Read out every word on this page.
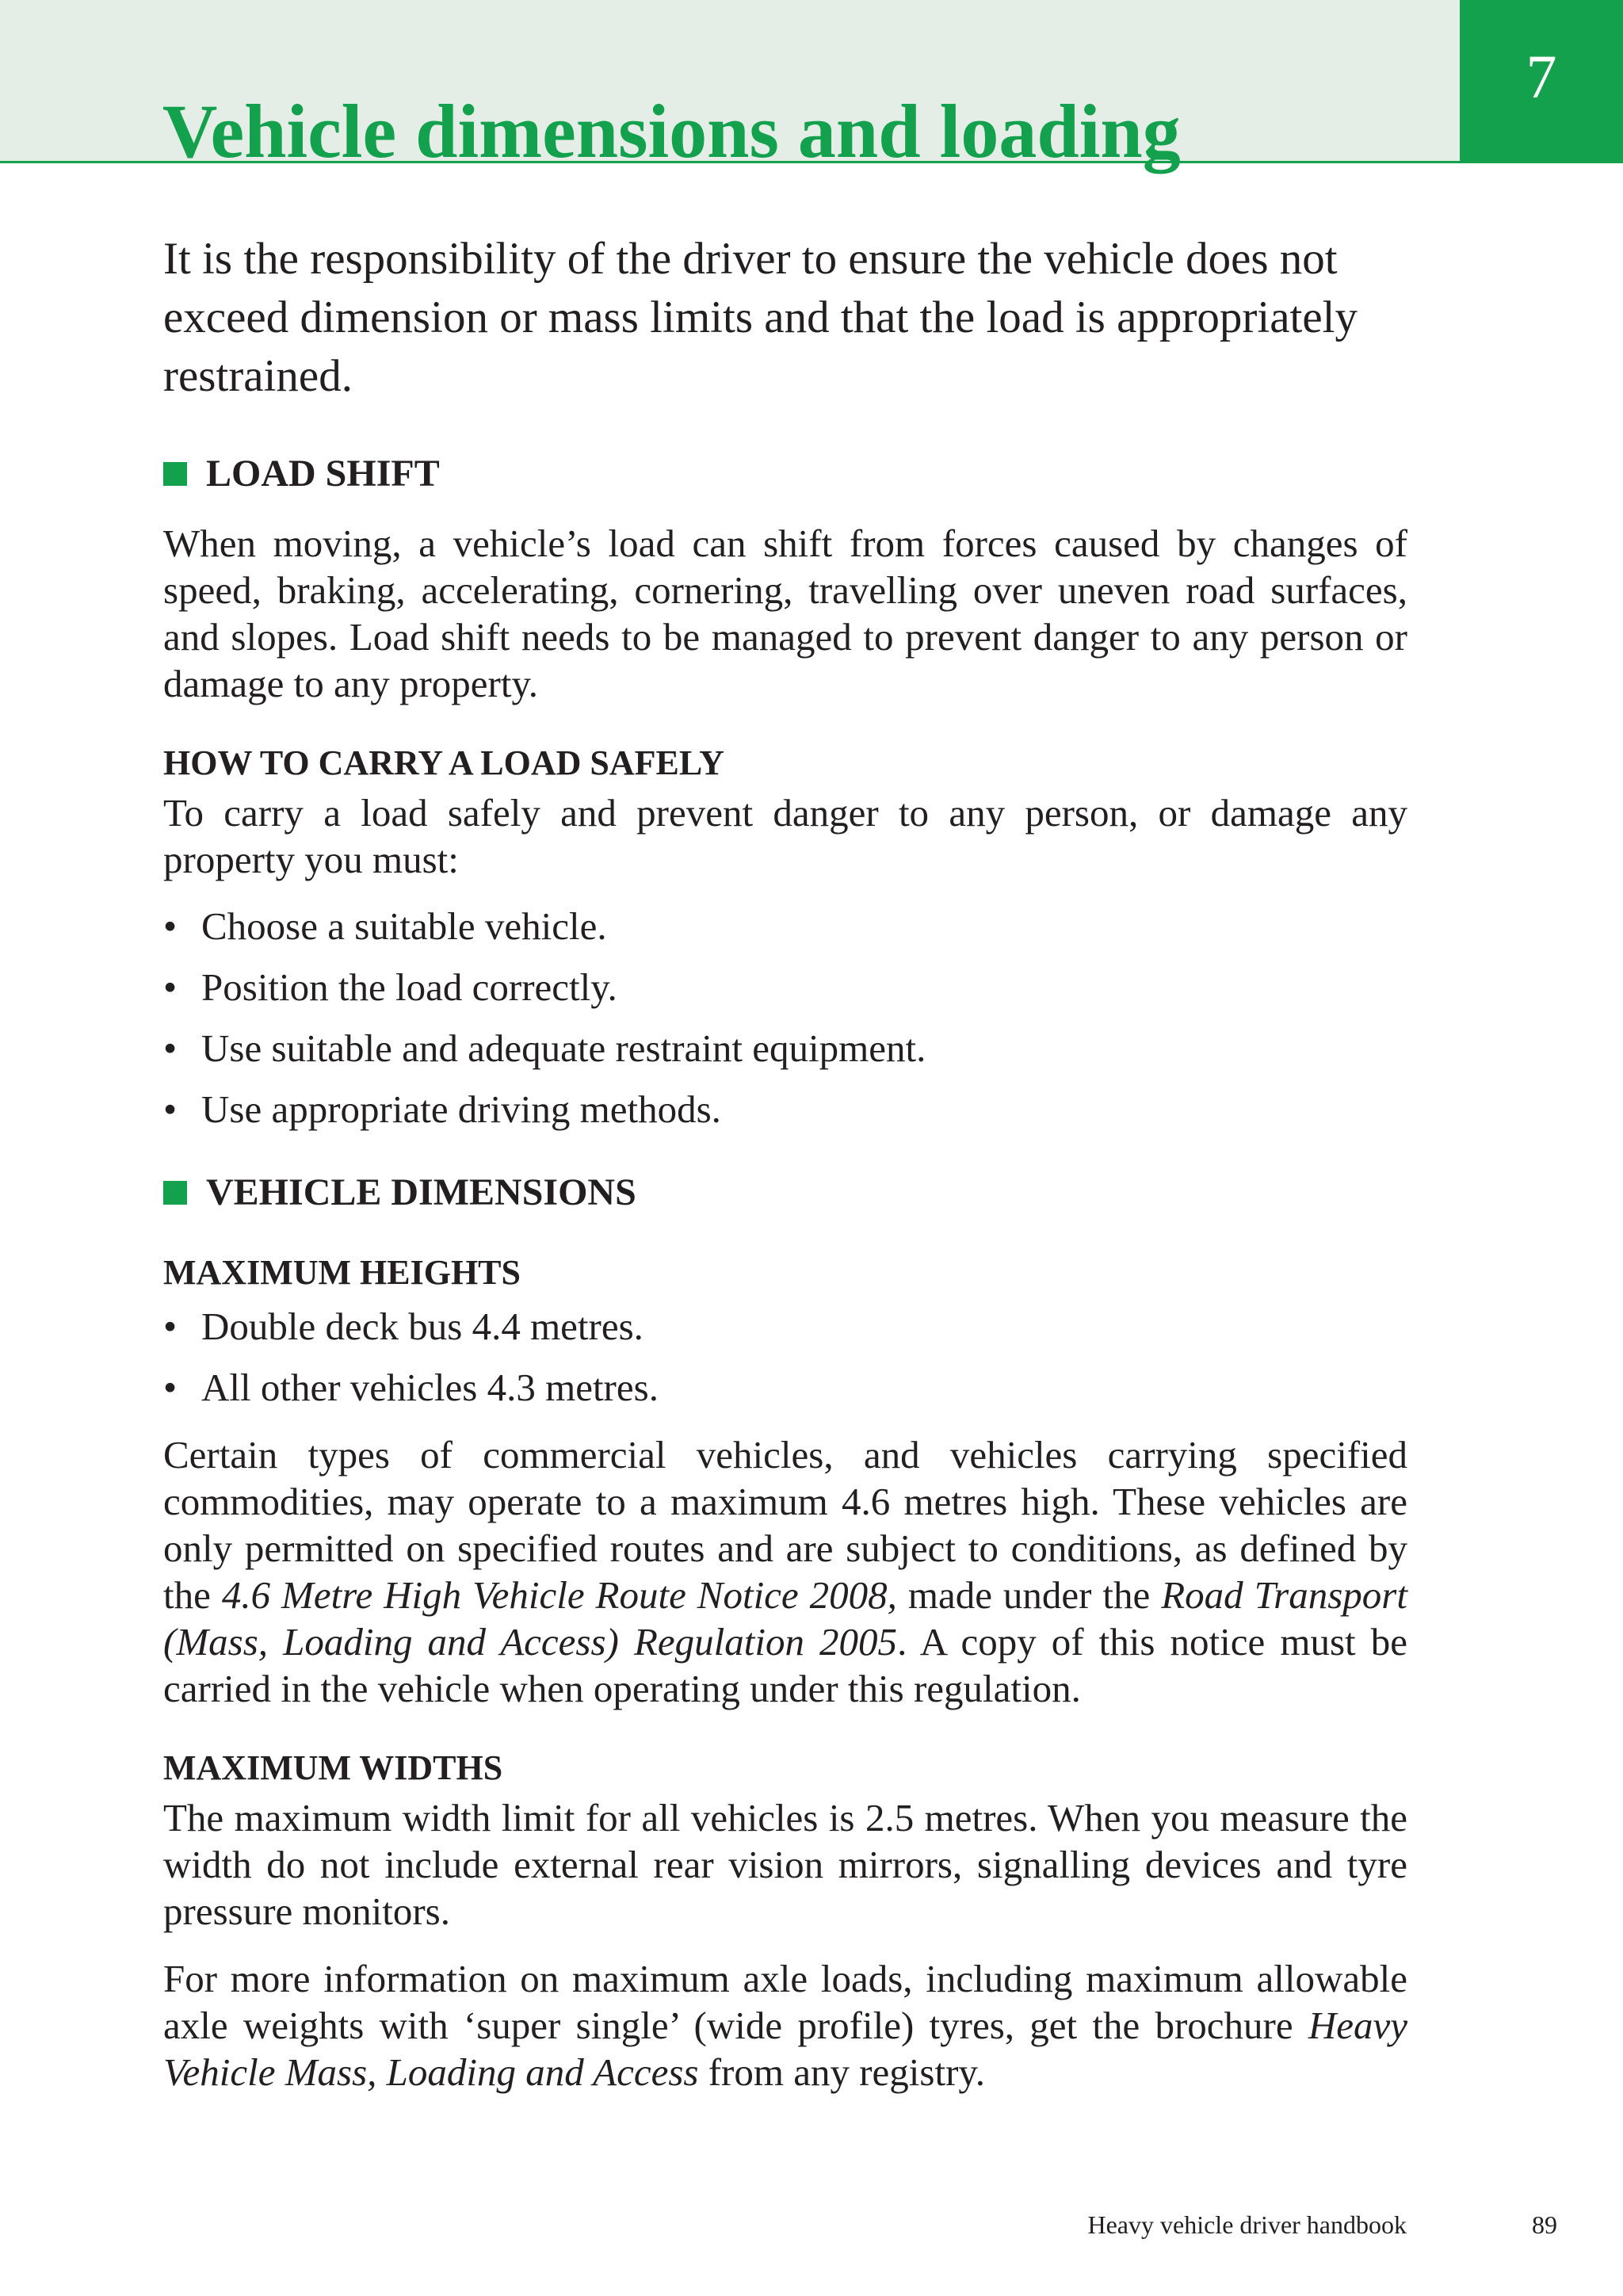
7
Vehicle dimensions and loading

It is the responsibility of the driver to ensure the vehicle does not exceed dimension or mass limits and that the load is appropriately restrained.

LOAD SHIFT

When moving, a vehicle’s load can shift from forces caused by changes of speed, braking, accelerating, cornering, travelling over uneven road surfaces, and slopes. Load shift needs to be managed to prevent danger to any person or damage to any property.

HOW TO CARRY A LOAD SAFELY

To carry a load safely and prevent danger to any person, or damage any property you must:

• Choose a suitable vehicle.
• Position the load correctly.
• Use suitable and adequate restraint equipment.
• Use appropriate driving methods.
VEHICLE DIMENSIONS
MAXIMUM HEIGHTS
• Double deck bus 4.4 metres.
• All other vehicles 4.3 metres.

Certain types of commercial vehicles, and vehicles carrying specified commodities, may operate to a maximum 4.6 metres high. These vehicles are only permitted on specified routes and are subject to conditions, as defined by the 4.6 Metre High Vehicle Route Notice 2008, made under the Road Transport (Mass, Loading and Access) Regulation 2005. A copy of this notice must be carried in the vehicle when operating under this regulation.

MAXIMUM WIDTHS

The maximum width limit for all vehicles is 2.5 metres. When you measure the width do not include external rear vision mirrors, signalling devices and tyre pressure monitors.

For more information on maximum axle loads, including maximum allowable axle weights with ‘super single’ (wide profile) tyres, get the brochure Heavy Vehicle Mass, Loading and Access from any registry.

Heavy vehicle driver handbook	89
